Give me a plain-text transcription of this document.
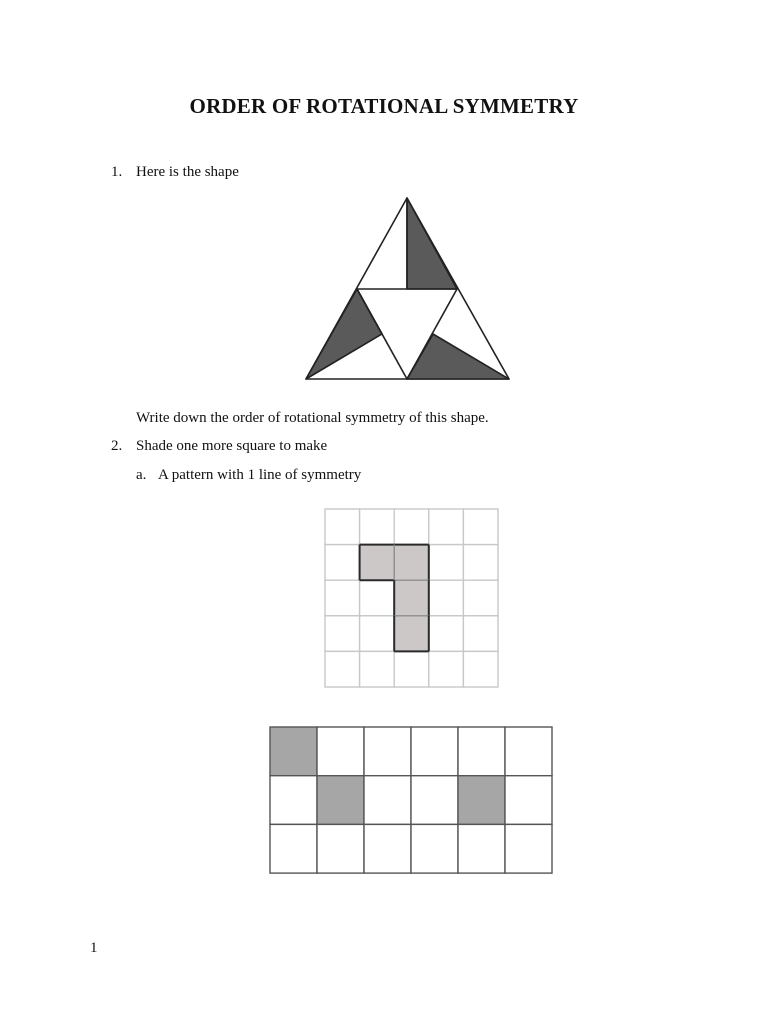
ORDER OF ROTATIONAL SYMMETRY
1. Here is the shape
Write down the order of rotational symmetry of this shape.
2. Shade one more square to make
a. A pattern with 1 line of symmetry
1
